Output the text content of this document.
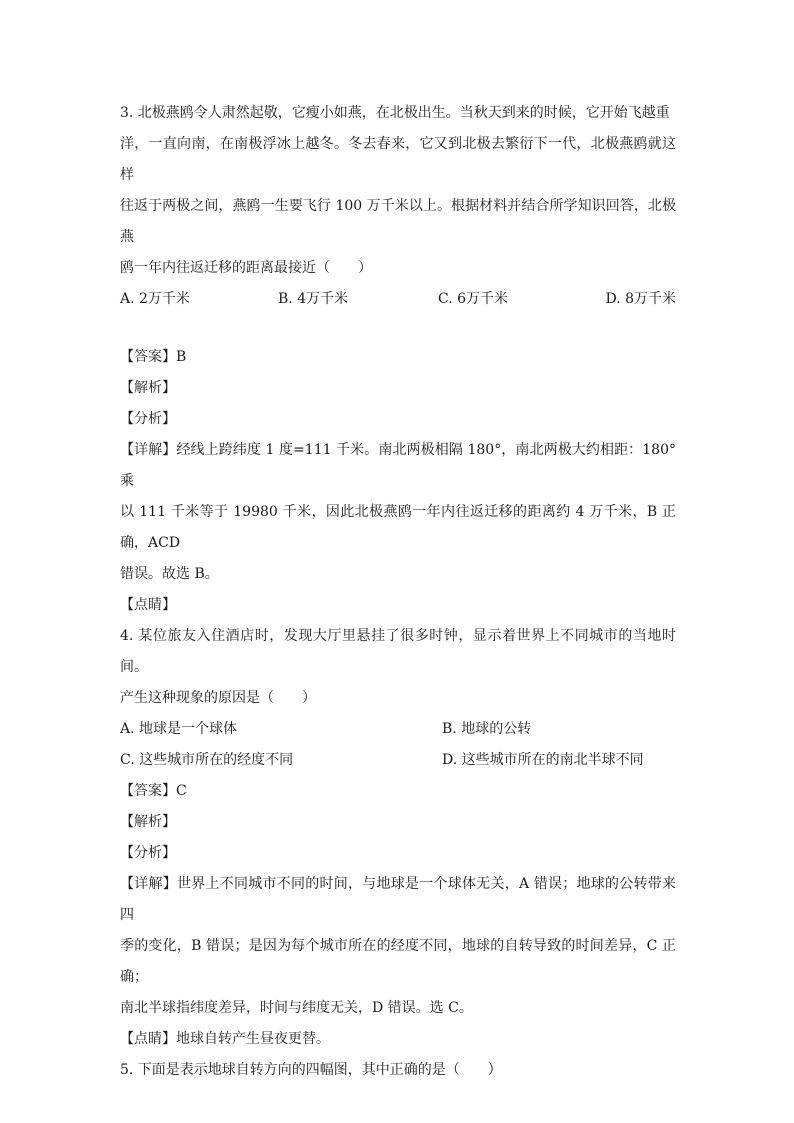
3. 北极燕鸥令人肃然起敬，它瘦小如燕，在北极出生。当秋天到来的时候，它开始飞越重

洋，一直向南，在南极浮冰上越冬。冬去春来，它又到北极去繁衍下一代，北极燕鸥就这样

往返于两极之间，燕鸥一生要飞行 100 万千米以上。根据材料并结合所学知识回答，北极燕

鸥一年内往返迁移的距离最接近（　　）

A. 2万千米	B. 4万千米	C. 6万千米	D. 8万千米

【答案】B

【解析】

【分析】

【详解】经线上跨纬度 1 度=111 千米。南北两极相隔 180°，南北两极大约相距：180°乘

以 111 千米等于 19980 千米，因此北极燕鸥一年内往返迁移的距离约 4 万千米，B 正确，ACD

错误。故选 B。

【点睛】

4. 某位旅友入住酒店时，发现大厅里悬挂了很多时钟，显示着世界上不同城市的当地时间。

产生这种现象的原因是（　　）

A. 地球是一个球体	B. 地球的公转
C. 这些城市所在的经度不同	D. 这些城市所在的南北半球不同

【答案】C

【解析】

【分析】

【详解】世界上不同城市不同的时间，与地球是一个球体无关，A 错误；地球的公转带来四

季的变化，B 错误；是因为每个城市所在的经度不同，地球的自转导致的时间差异，C 正确；

南北半球指纬度差异，时间与纬度无关，D 错误。选 C。

【点睛】地球自转产生昼夜更替。

5. 下面是表示地球自转方向的四幅图，其中正确的是（　　）
